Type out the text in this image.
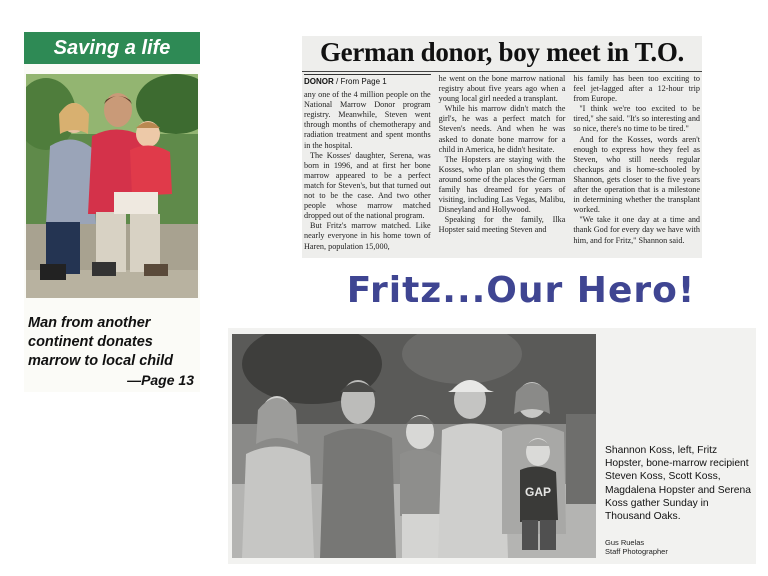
Saving a life
Man from another continent donates marrow to local child
—Page 13
German donor, boy meet in T.O.
DONOR / From Page 1

any one of the 4 million people on the National Marrow Donor program registry. Meanwhile, Steven went through months of chemotherapy and radiation treatment and spent months in the hospital.

The Kosses' daughter, Serena, was born in 1996, and at first her bone marrow appeared to be a perfect match for Steven's, but that turned out not to be the case. And two other people whose marrow matched dropped out of the national program.

But Fritz's marrow matched. Like nearly everyone in his home town of Haren, population 15,000,

he went on the bone marrow national registry about five years ago when a young local girl needed a transplant.

While his marrow didn't match the girl's, he was a perfect match for Steven's needs. And when he was asked to donate bone marrow for a child in America, he didn't hesitate.

The Hopsters are staying with the Kosses, who plan on showing them around some of the places the German family has dreamed for years of visiting, including Las Vegas, Malibu, Disneyland and Hollywood.

Speaking for the family, Ilka Hopster said meeting Steven and

his family has been too exciting to feel jet-lagged after a 12-hour trip from Europe.

"I think we're too excited to be tired," she said. "It's so interesting and so nice, there's no time to be tired."

And for the Kosses, words aren't enough to express how they feel as Steven, who still needs regular checkups and is home-schooled by Shannon, gets closer to the five years after the operation that is a milestone in determining whether the transplant worked.

"We take it one day at a time and thank God for every day we have with him, and for Fritz," Shannon said.

Fritz...Our Hero!
GAP
Shannon Koss, left, Fritz Hopster, bone-marrow recipient Steven Koss, Scott Koss, Magdalena Hopster and Serena Koss gather Sunday in Thousand Oaks.
Gus Ruelas
Staff Photographer
